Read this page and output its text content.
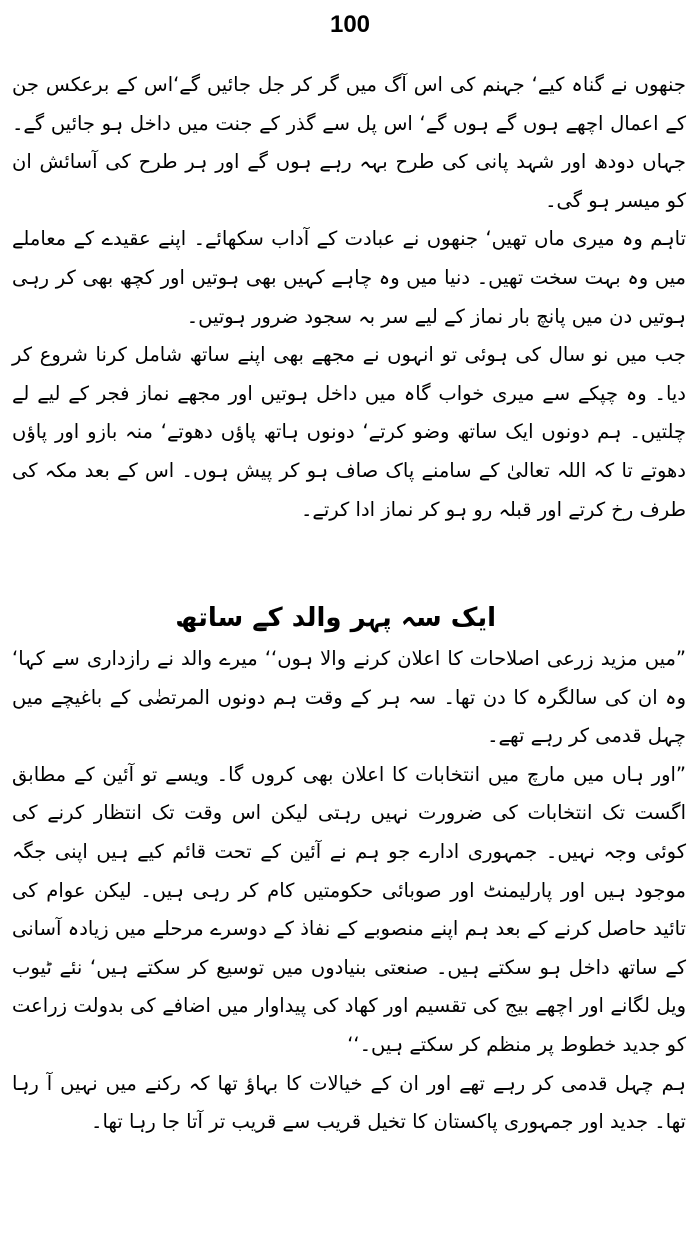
100

جنھوں نے گناہ کیے‘ جہنم کی اس آگ میں گر کر جل جائیں گے‘اس کے برعکس جن کے اعمال اچھے ہوں گے ہوں گے‘ اس پل سے گذر کے جنت میں داخل ہو جائیں گے۔ جہاں دودھ اور شہد پانی کی طرح بہہ رہے ہوں گے اور ہر طرح کی آسائش ان کو میسر ہو گی۔

تاہم وہ میری ماں تھیں‘ جنھوں نے عبادت کے آداب سکھائے۔ اپنے عقیدے کے معاملے میں وہ بہت سخت تھیں۔ دنیا میں وہ چاہے کہیں بھی ہوتیں اور کچھ بھی کر رہی ہوتیں دن میں پانچ بار نماز کے لیے سر بہ سجود ضرور ہوتیں۔

جب میں نو سال کی ہوئی تو انہوں نے مجھے بھی اپنے ساتھ شامل کرنا شروع کر دیا۔ وہ چپکے سے میری خواب گاہ میں داخل ہوتیں اور مجھے نماز فجر کے لیے لے چلتیں۔ ہم دونوں ایک ساتھ وضو کرتے‘ دونوں ہاتھ پاؤں دھوتے‘ منہ بازو اور پاؤں دھوتے تا کہ اللہ تعالیٰ کے سامنے پاک صاف ہو کر پیش ہوں۔ اس کے بعد مکہ کی طرف رخ کرتے اور قبلہ رو ہو کر نماز ادا کرتے۔

ایک سہ پہر والد کے ساتھ

”میں مزید زرعی اصلاحات کا اعلان کرنے والا ہوں‘‘ میرے والد نے رازداری سے کہا‘ وہ ان کی سالگرہ کا دن تھا۔ سہ ہر کے وقت ہم دونوں المرتضٰی کے باغیچے میں چہل قدمی کر رہے تھے۔

”اور ہاں میں مارچ میں انتخابات کا اعلان بھی کروں گا۔ ویسے تو آئین کے مطابق اگست تک انتخابات کی ضرورت نہیں رہتی لیکن اس وقت تک انتظار کرنے کی کوئی وجہ نہیں۔ جمہوری ادارے جو ہم نے آئین کے تحت قائم کیے ہیں اپنی جگہ موجود ہیں اور پارلیمنٹ اور صوبائی حکومتیں کام کر رہی ہیں۔ لیکن عوام کی تائید حاصل کرنے کے بعد ہم اپنے منصوبے کے نفاذ کے دوسرے مرحلے میں زیادہ آسانی کے ساتھ داخل ہو سکتے ہیں۔ صنعتی بنیادوں میں توسیع کر سکتے ہیں‘ نئے ٹیوب ویل لگانے اور اچھے بیج کی تقسیم اور کھاد کی پیداوار میں اضافے کی بدولت زراعت کو جدید خطوط پر منظم کر سکتے ہیں۔‘‘

ہم چہل قدمی کر رہے تھے اور ان کے خیالات کا بہاؤ تھا کہ رکنے میں نہیں آ رہا تھا۔ جدید اور جمہوری پاکستان کا تخیل قریب سے قریب تر آتا جا رہا تھا۔
